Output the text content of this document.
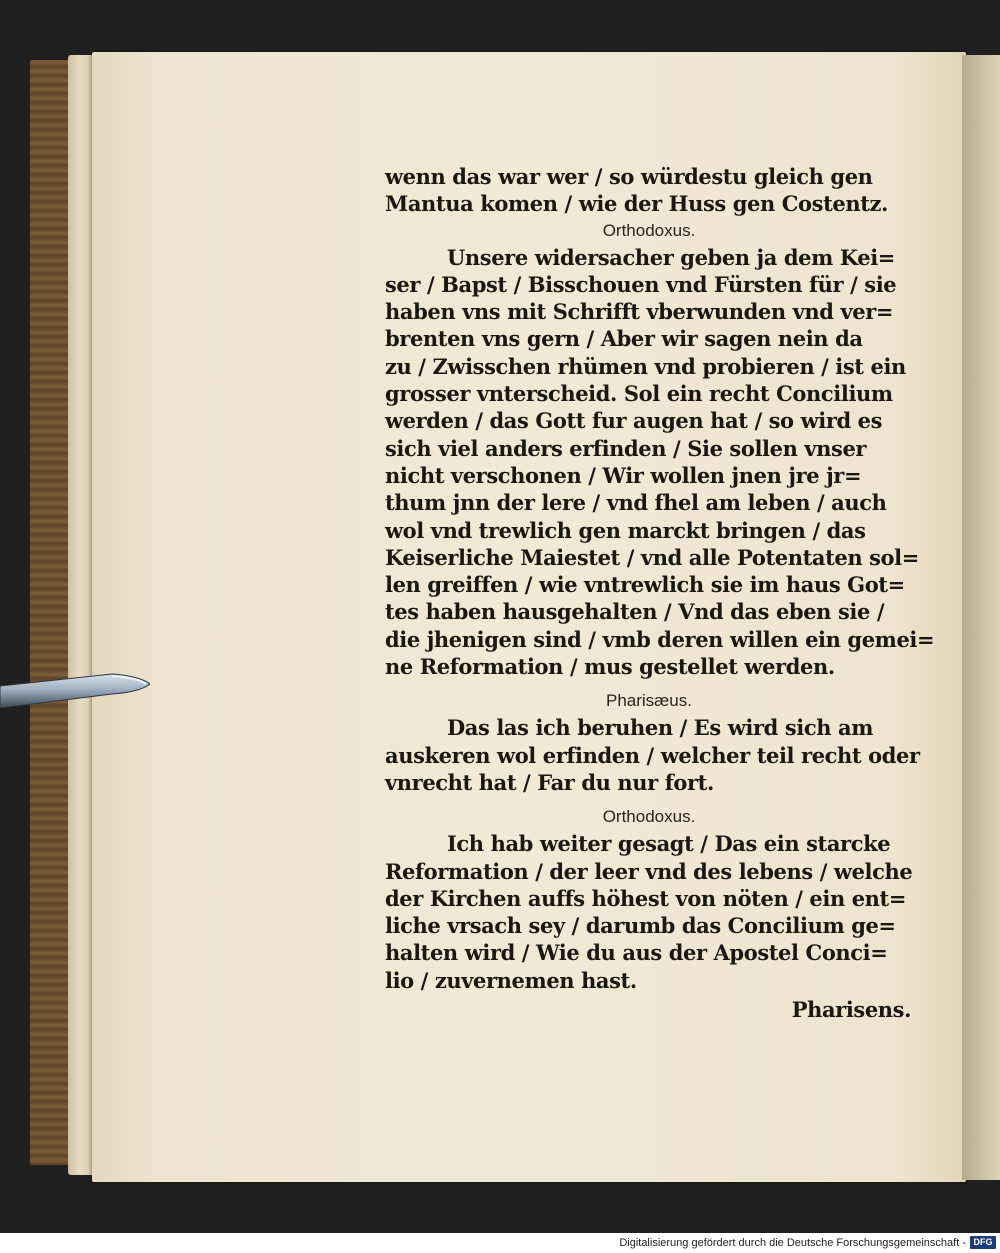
wenn das war wer / so würdestu gleich gen
Mantua komen / wie der Huss gen Costentz.
Orthodoxus.
Unsere widersacher geben ja dem Kei=
ser / Bapst / Bisschouen vnd Fürsten für / sie
haben vns mit Schrifft vberwunden vnd ver=
brenten vns gern / Aber wir sagen nein da
zu / Zwisschen rhümen vnd probieren / ist ein
grosser vnterscheid. Sol ein recht Concilium
werden / das Gott fur augen hat / so wird es
sich viel anders erfinden / Sie sollen vnser
nicht verschonen / Wir wollen jnen jre jr=
thum jnn der lere / vnd fhel am leben / auch
wol vnd trewlich gen marckt bringen / das
Keiserliche Maiestet / vnd alle Potentaten sol=
len greiffen / wie vntrewlich sie im haus Got=
tes haben hausgehalten / Vnd das eben sie /
die jhenigen sind / vmb deren willen ein gemei=
ne Reformation / mus gestellet werden.
Pharisæus.
Das las ich beruhen / Es wird sich am
auskeren wol erfinden / welcher teil recht oder
vnrecht hat / Far du nur fort.
Orthodoxus.
Ich hab weiter gesagt / Das ein starcke
Reformation / der leer vnd des lebens / welche
der Kirchen auffs höhest von nöten / ein ent=
liche vrsach sey / darumb das Concilium ge=
halten wird / Wie du aus der Apostel Conci=
lio / zuvernemen hast.
Pharisens.
Digitalisierung gefördert durch die Deutsche Forschungsgemeinschaft - DFG
